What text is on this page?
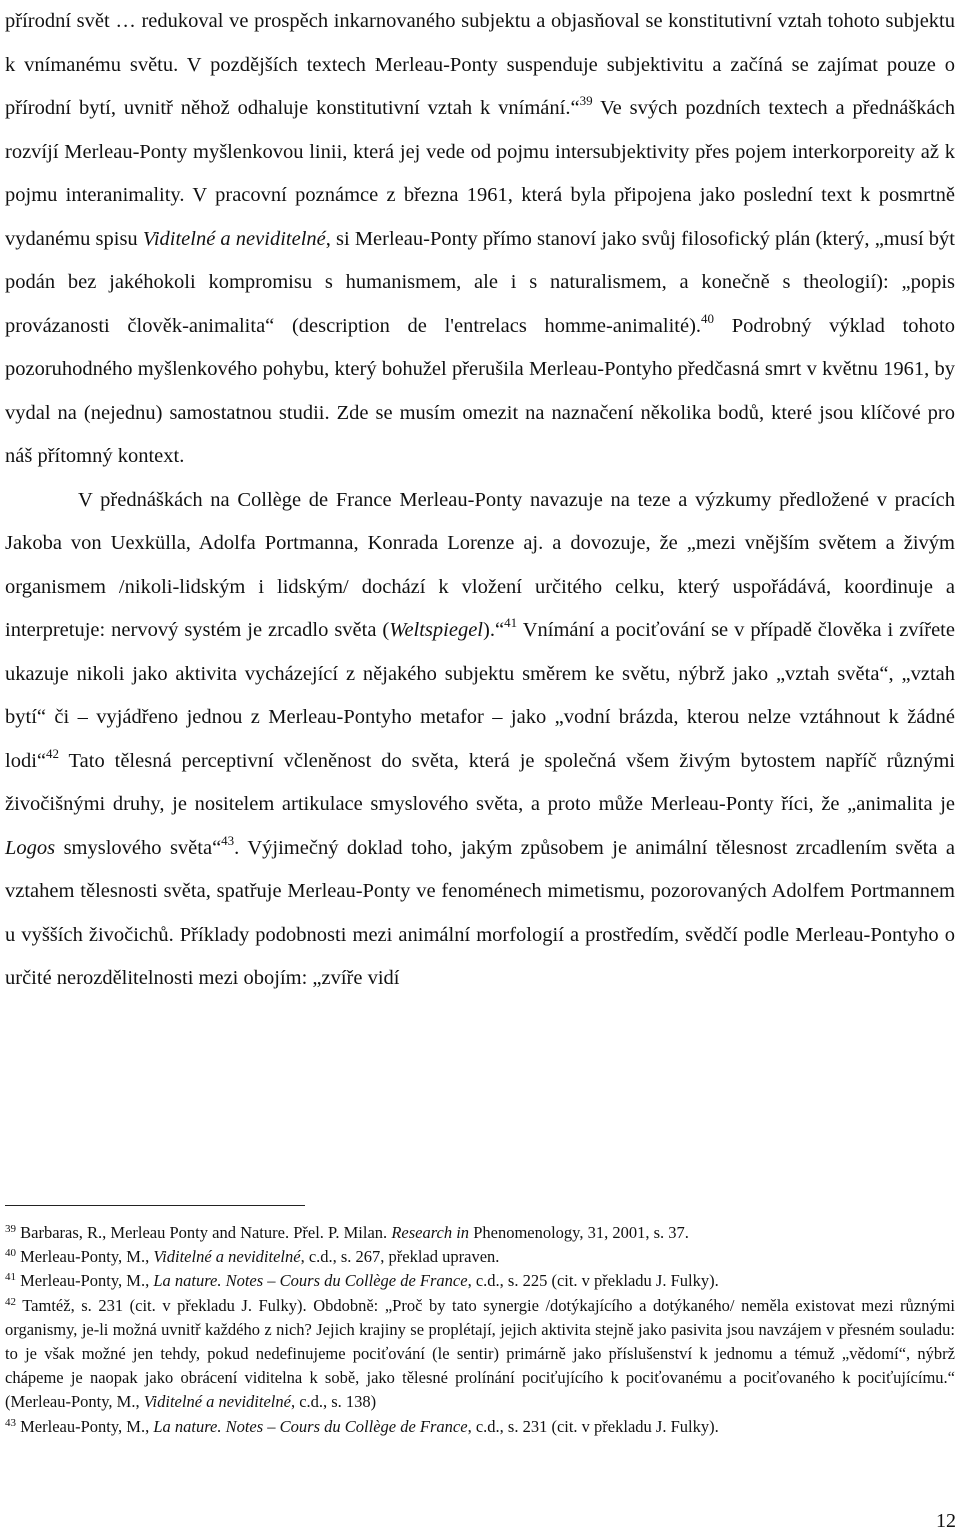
přírodní svět … redukoval ve prospěch inkarnovaného subjektu a objasňoval se konstitutivní vztah tohoto subjektu k vnímanému světu. V pozdějších textech Merleau-Ponty suspenduje subjektivitu a začíná se zajímat pouze o přírodní bytí, uvnitř něhož odhaluje konstitutivní vztah k vnímání.“$^{39}$ Ve svých pozdních textech a přednáškách rozvíjí Merleau-Ponty myšlenkovou linii, která jej vede od pojmu intersubjektivity přes pojem interkorporeity až k pojmu interanimality. V pracovní poznámce z března 1961, která byla připojena jako poslední text k posmrtně vydanému spisu Viditelné a neviditelné, si Merleau-Ponty přímo stanoví jako svůj filosofický plán (který, „musí být podán bez jakéhokoli kompromisu s humanismem, ale i s naturalismem, a konečně s theologií): „popis provázanosti člověk-animalita“ (description de l'entrelacs homme-animalité).$^{40}$ Podrobný výklad tohoto pozoruhodného myšlenkového pohybu, který bohužel přerušila Merleau-Pontyho předčasná smrt v květnu 1961, by vydal na (nejednu) samostatnou studii. Zde se musím omezit na naznačení několika bodů, které jsou klíčové pro náš přítomný kontext.

V přednáškách na Collège de France Merleau-Ponty navazuje na teze a výzkumy předložené v pracích Jakoba von Uexkülla, Adolfa Portmanna, Konrada Lorenze aj. a dovozuje, že „mezi vnějším světem a živým organismem /nikoli-lidským i lidským/ dochází k vložení určitého celku, který uspořádává, koordinuje a interpretuje: nervový systém je zrcadlo světa (Weltspiegel).“$^{41}$ Vnímání a pociťování se v případě člověka i zvířete ukazuje nikoli jako aktivita vycházející z nějakého subjektu směrem ke světu, nýbrž jako „vztah světa“, „vztah bytí“ či – vyjádřeno jednou z Merleau-Pontyho metafor – jako „vodní brázda, kterou nelze vztáhnout k žádné lodi“$^{42}$ Tato tělesná perceptivní včleněnost do světa, která je společná všem živým bytostem napříč různými živočišnými druhy, je nositelem artikulace smyslového světa, a proto může Merleau-Ponty říci, že „animalita je Logos smyslového světa“$^{43}$. Výjimečný doklad toho, jakým způsobem je animální tělesnost zrcadlením světa a vztahem tělesnosti světa, spatřuje Merleau-Ponty ve fenoménech mimetismu, pozorovaných Adolfem Portmannem u vyšších živočichů. Příklady podobnosti mezi animální morfologií a prostředím, svědčí podle Merleau-Pontyho o určité nerozdělitelnosti mezi obojím: „zvíře vidí

$^{39}$ Barbaras, R., Merleau Ponty and Nature. Přel. P. Milan. Research in Phenomenology, 31, 2001, s. 37.

$^{40}$ Merleau-Ponty, M., Viditelné a neviditelné, c.d., s. 267, překlad upraven.

$^{41}$ Merleau-Ponty, M., La nature. Notes – Cours du Collège de France, c.d., s. 225 (cit. v překladu J. Fulky).

$^{42}$ Tamtéž, s. 231 (cit. v překladu J. Fulky). Obdobně: „Proč by tato synergie /dotýkajícího a dotýkaného/ neměla existovat mezi různými organismy, je-li možná uvnitř každého z nich? Jejich krajiny se proplétají, jejich aktivita stejně jako pasivita jsou navzájem v přesném souladu: to je však možné jen tehdy, pokud nedefinujeme pociťování (le sentir) primárně jako příslušenství k jednomu a témuž „vědomí“, nýbrž chápeme je naopak jako obrácení viditelna k sobě, jako tělesné prolínání pociťujícího k pociťovanému a pociťovaného k pociťujícímu.“ (Merleau-Ponty, M., Viditelné a neviditelné, c.d., s. 138)

$^{43}$ Merleau-Ponty, M., La nature. Notes – Cours du Collège de France, c.d., s. 231 (cit. v překladu J. Fulky).

12
